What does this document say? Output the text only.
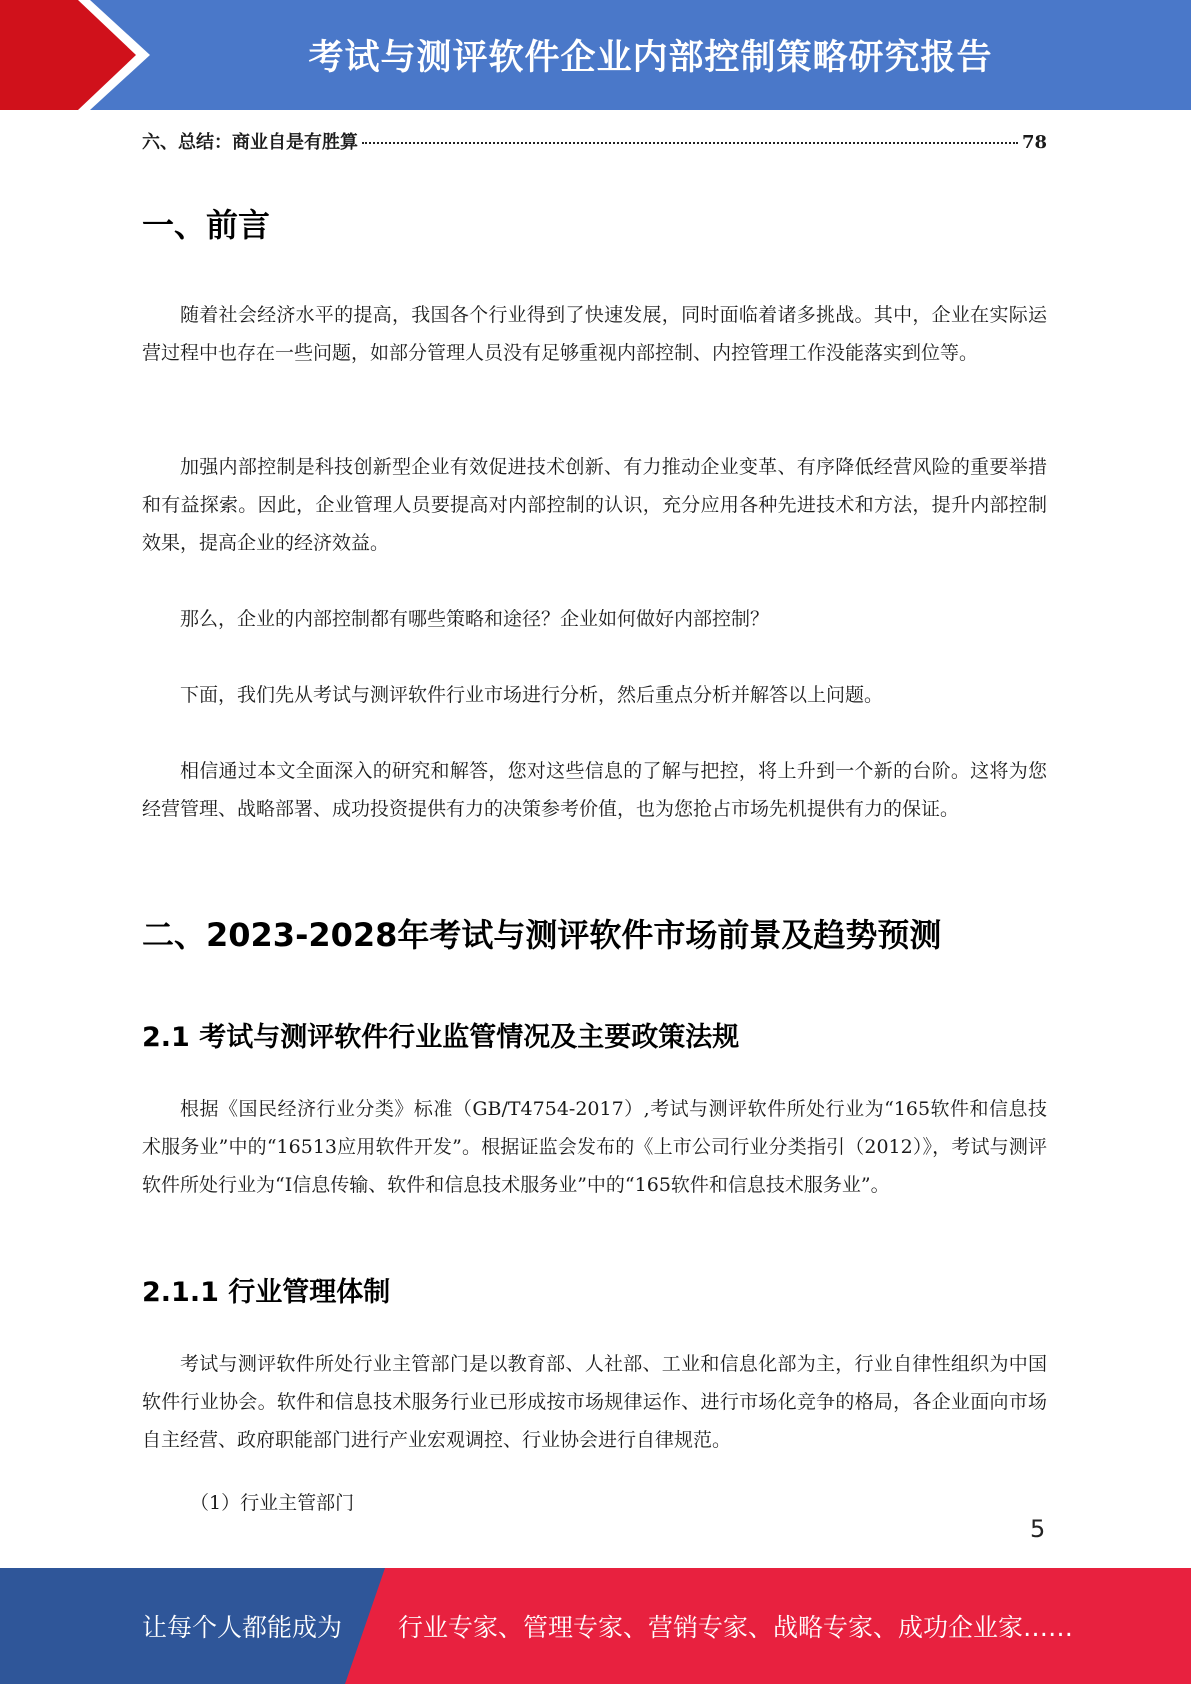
考试与测评软件企业内部控制策略研究报告
六、总结：商业自是有胜算	78
一、前言

随着社会经济水平的提高，我国各个行业得到了快速发展，同时面临着诸多挑战。其中，企业在实际运营过程中也存在一些问题，如部分管理人员没有足够重视内部控制、内控管理工作没能落实到位等。

加强内部控制是科技创新型企业有效促进技术创新、有力推动企业变革、有序降低经营风险的重要举措和有益探索。因此，企业管理人员要提高对内部控制的认识，充分应用各种先进技术和方法，提升内部控制效果，提高企业的经济效益。

那么，企业的内部控制都有哪些策略和途径？企业如何做好内部控制？

下面，我们先从考试与测评软件行业市场进行分析，然后重点分析并解答以上问题。

相信通过本文全面深入的研究和解答，您对这些信息的了解与把控，将上升到一个新的台阶。这将为您经营管理、战略部署、成功投资提供有力的决策参考价值，也为您抢占市场先机提供有力的保证。

二、2023-2028年考试与测评软件市场前景及趋势预测
2.1 考试与测评软件行业监管情况及主要政策法规

根据《国民经济行业分类》标准（GB/T4754-2017）,考试与测评软件所处行业为“165软件和信息技术服务业”中的“16513应用软件开发”。根据证监会发布的《上市公司行业分类指引（2012）》，考试与测评软件所处行业为“I信息传输、软件和信息技术服务业”中的“165软件和信息技术服务业”。

2.1.1 行业管理体制

考试与测评软件所处行业主管部门是以教育部、人社部、工业和信息化部为主，行业自律性组织为中国软件行业协会。软件和信息技术服务行业已形成按市场规律运作、进行市场化竞争的格局，各企业面向市场自主经营、政府职能部门进行产业宏观调控、行业协会进行自律规范。

（1）行业主管部门

5
让每个人都能成为 行业专家、管理专家、营销专家、战略专家、成功企业家……
